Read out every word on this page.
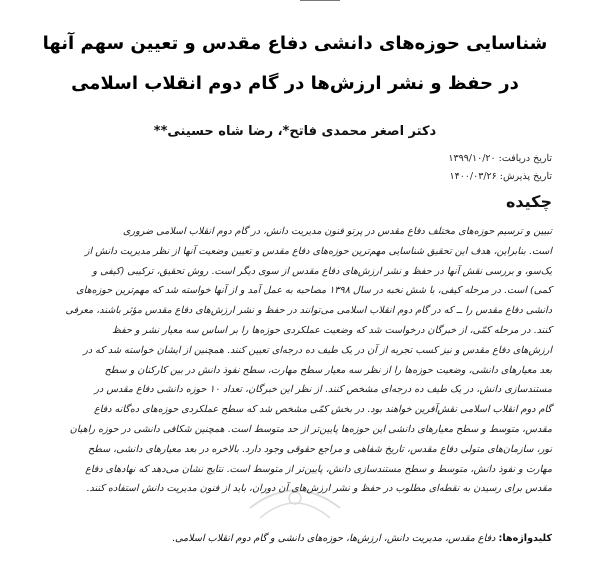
شناسایی حوزه‌های دانشی دفاع مقدس و تعیین سهم آنها
در حفظ و نشر ارزش‌ها در گام دوم انقلاب اسلامی
دکتر اصغر محمدی فاتح*، رضا شاه حسینی**
تاریخ دریافت: ۱۳۹۹/۱۰/۲۰
تاریخ پذیرش: ۱۴۰۰/۰۳/۲۶
چکیده
تبیین و ترسیم حوزه‌های مختلف دفاع مقدس در پرتو فنون مدیریت دانش، در گام دوم انقلاب اسلامی ضروری
است. بنابراین، هدف این تحقیق شناسایی مهم‌ترین حوزه‌های دفاع مقدس و تعیین وضعیت آنها از نظر مدیریت دانش از
یک‌سو، و بررسی نقش آنها در حفظ و نشر ارزش‌های دفاع مقدس از سوی دیگر است. روش تحقیق، ترکیبی (کیفی و
کمی) است. در مرحله کیفی، با شش نخبه در سال ۱۳۹۸ مصاحبه به عمل آمد و از آنها خواسته شد که مهم‌ترین حوزه‌های
دانشی دفاع مقدس را ــ که در گام دوم انقلاب اسلامی می‌توانند در حفظ و نشر ارزش‌های دفاع مقدس مؤثر باشند، معرفی
کنند. در مرحله کمّی، از خبرگان درخواست شد که وضعیت عملکردی حوزه‌ها را بر اساس سه معیار نشر و حفظ
ارزش‌های دفاع مقدس و نیز کسب تجربه از آن در یک طیف ده درجه‌ای تعیین کنند. همچنین از ایشان خواسته شد که در
بعد معیارهای دانشی، وضعیت حوزه‌ها را از نظر سه معیار سطح مهارت، سطح نفوذ دانش در بین کارکنان و سطح
مستندسازی دانش، در یک طیف ده درجه‌ای مشخص کنند. از نظر این خبرگان، تعداد ۱۰ حوزه دانشی دفاع مقدس در
گام دوم انقلاب اسلامی نقش‌آفرین خواهند بود. در بخش کمّی مشخص شد که سطح عملکردی حوزه‌های ده‌گانه دفاع
مقدس، متوسط و سطح معیارهای دانشی این حوزه‌ها پایین‌تر از حد متوسط است. همچنین شکافی دانشی در حوزه راهیان
نور، سازمان‌های متولی دفاع مقدس، تاریخ شفاهی و مراجع حقوقی وجود دارد. بالاخره در بعد معیارهای دانشی، سطح
مهارت و نفوذ دانش، متوسط و سطح مستندسازی دانش، پایین‌تر از متوسط است. نتایج نشان می‌دهد که نهادهای دفاع
مقدس برای رسیدن به نقطه‌ای مطلوب در حفظ و نشر ارزش‌های آن دوران، باید از فنون مدیریت دانش استفاده کنند.
کلیدواژه‌ها: دفاع مقدس، مدیریت دانش، ارزش‌ها، حوزه‌های دانشی و گام دوم انقلاب اسلامی.
